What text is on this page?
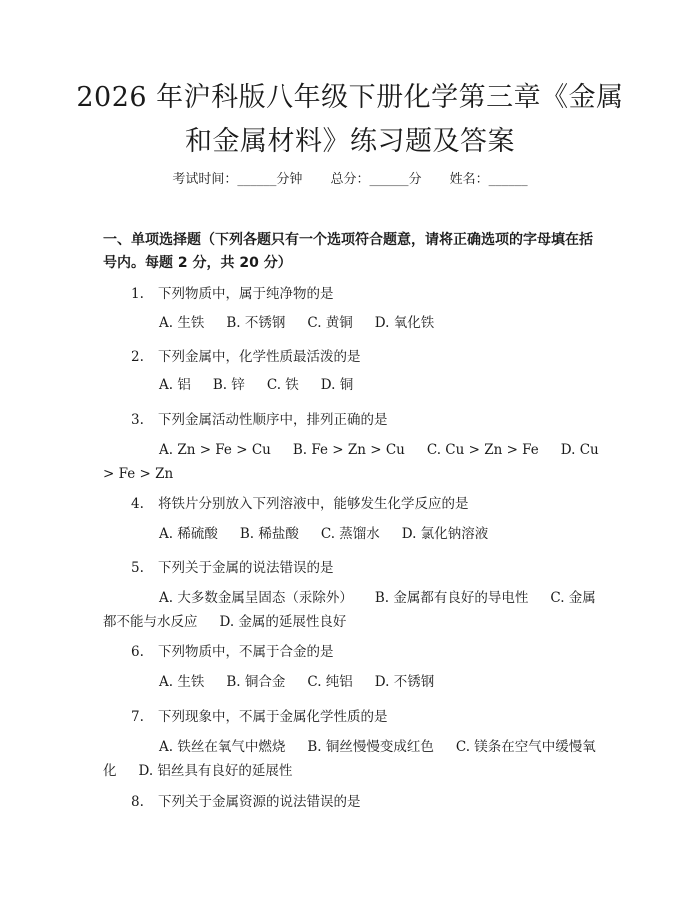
2026 年沪科版八年级下册化学第三章《金属
和金属材料》练习题及答案
考试时间：______分钟 总分：______分 姓名：______
一、单项选择题（下列各题只有一个选项符合题意，请将正确选项的字母填在括号内。每题 2 分，共 20 分）
1. 下列物质中，属于纯净物的是
A. 生铁 B. 不锈钢 C. 黄铜 D. 氧化铁
2. 下列金属中，化学性质最活泼的是
A. 铝 B. 锌 C. 铁 D. 铜
3. 下列金属活动性顺序中，排列正确的是
A. Zn > Fe > Cu B. Fe > Zn > Cu C. Cu > Zn > Fe D. Cu > Fe > Zn
4. 将铁片分别放入下列溶液中，能够发生化学反应的是
A. 稀硫酸 B. 稀盐酸 C. 蒸馏水 D. 氯化钠溶液
5. 下列关于金属的说法错误的是
A. 大多数金属呈固态（汞除外） B. 金属都有良好的导电性 C. 金属都不能与水反应 D. 金属的延展性良好
6. 下列物质中，不属于合金的是
A. 生铁 B. 铜合金 C. 纯铝 D. 不锈钢
7. 下列现象中，不属于金属化学性质的是
A. 铁丝在氧气中燃烧 B. 铜丝慢慢变成红色 C. 镁条在空气中缓慢氧化 D. 铝丝具有良好的延展性
8. 下列关于金属资源的说法错误的是
